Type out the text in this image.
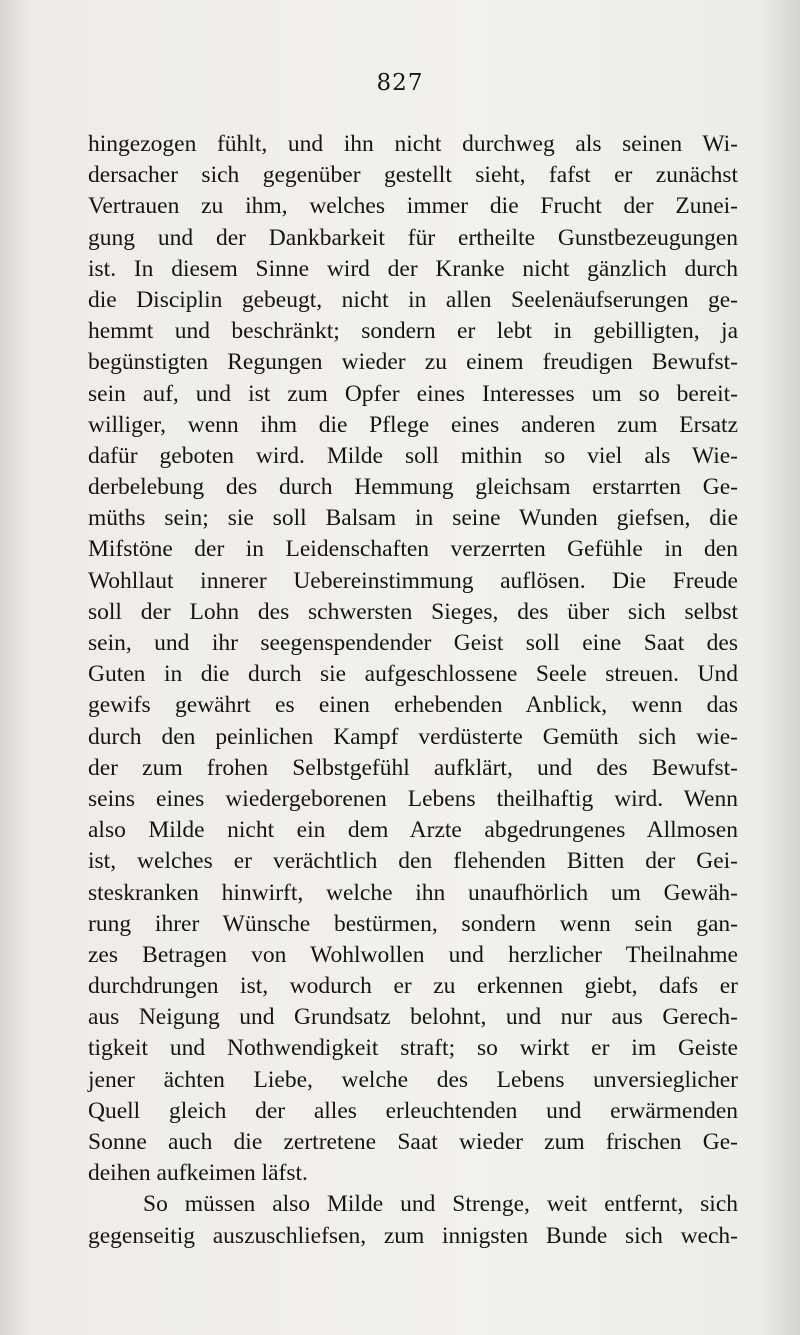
827
hingezogen fühlt, und ihn nicht durchweg als seinen Wi-
dersacher sich gegenüber gestellt sieht, fafst er zunächst
Vertrauen zu ihm, welches immer die Frucht der Zunei-
gung und der Dankbarkeit für ertheilte Gunstbezeugungen
ist. In diesem Sinne wird der Kranke nicht gänzlich durch
die Disciplin gebeugt, nicht in allen Seelenäufserungen ge-
hemmt und beschränkt; sondern er lebt in gebilligten, ja
begünstigten Regungen wieder zu einem freudigen Bewufst-
sein auf, und ist zum Opfer eines Interesses um so bereit-
williger, wenn ihm die Pflege eines anderen zum Ersatz
dafür geboten wird. Milde soll mithin so viel als Wie-
derbelebung des durch Hemmung gleichsam erstarrten Ge-
müths sein; sie soll Balsam in seine Wunden giefsen, die
Mifstöne der in Leidenschaften verzerrten Gefühle in den
Wohllaut innerer Uebereinstimmung auflösen. Die Freude
soll der Lohn des schwersten Sieges, des über sich selbst
sein, und ihr seegenspendender Geist soll eine Saat des
Guten in die durch sie aufgeschlossene Seele streuen. Und
gewifs gewährt es einen erhebenden Anblick, wenn das
durch den peinlichen Kampf verdüsterte Gemüth sich wie-
der zum frohen Selbstgefühl aufklärt, und des Bewufst-
seins eines wiedergeborenen Lebens theilhaftig wird. Wenn
also Milde nicht ein dem Arzte abgedrungenes Allmosen
ist, welches er verächtlich den flehenden Bitten der Gei-
steskranken hinwirft, welche ihn unaufhörlich um Gewäh-
rung ihrer Wünsche bestürmen, sondern wenn sein gan-
zes Betragen von Wohlwollen und herzlicher Theilnahme
durchdrungen ist, wodurch er zu erkennen giebt, dafs er
aus Neigung und Grundsatz belohnt, und nur aus Gerech-
tigkeit und Nothwendigkeit straft; so wirkt er im Geiste
jener ächten Liebe, welche des Lebens unversieglicher
Quell gleich der alles erleuchtenden und erwärmenden
Sonne auch die zertretene Saat wieder zum frischen Ge-
deihen aufkeimen läfst.
So müssen also Milde und Strenge, weit entfernt, sich
gegenseitig auszuschliefsen, zum innigsten Bunde sich wech-
